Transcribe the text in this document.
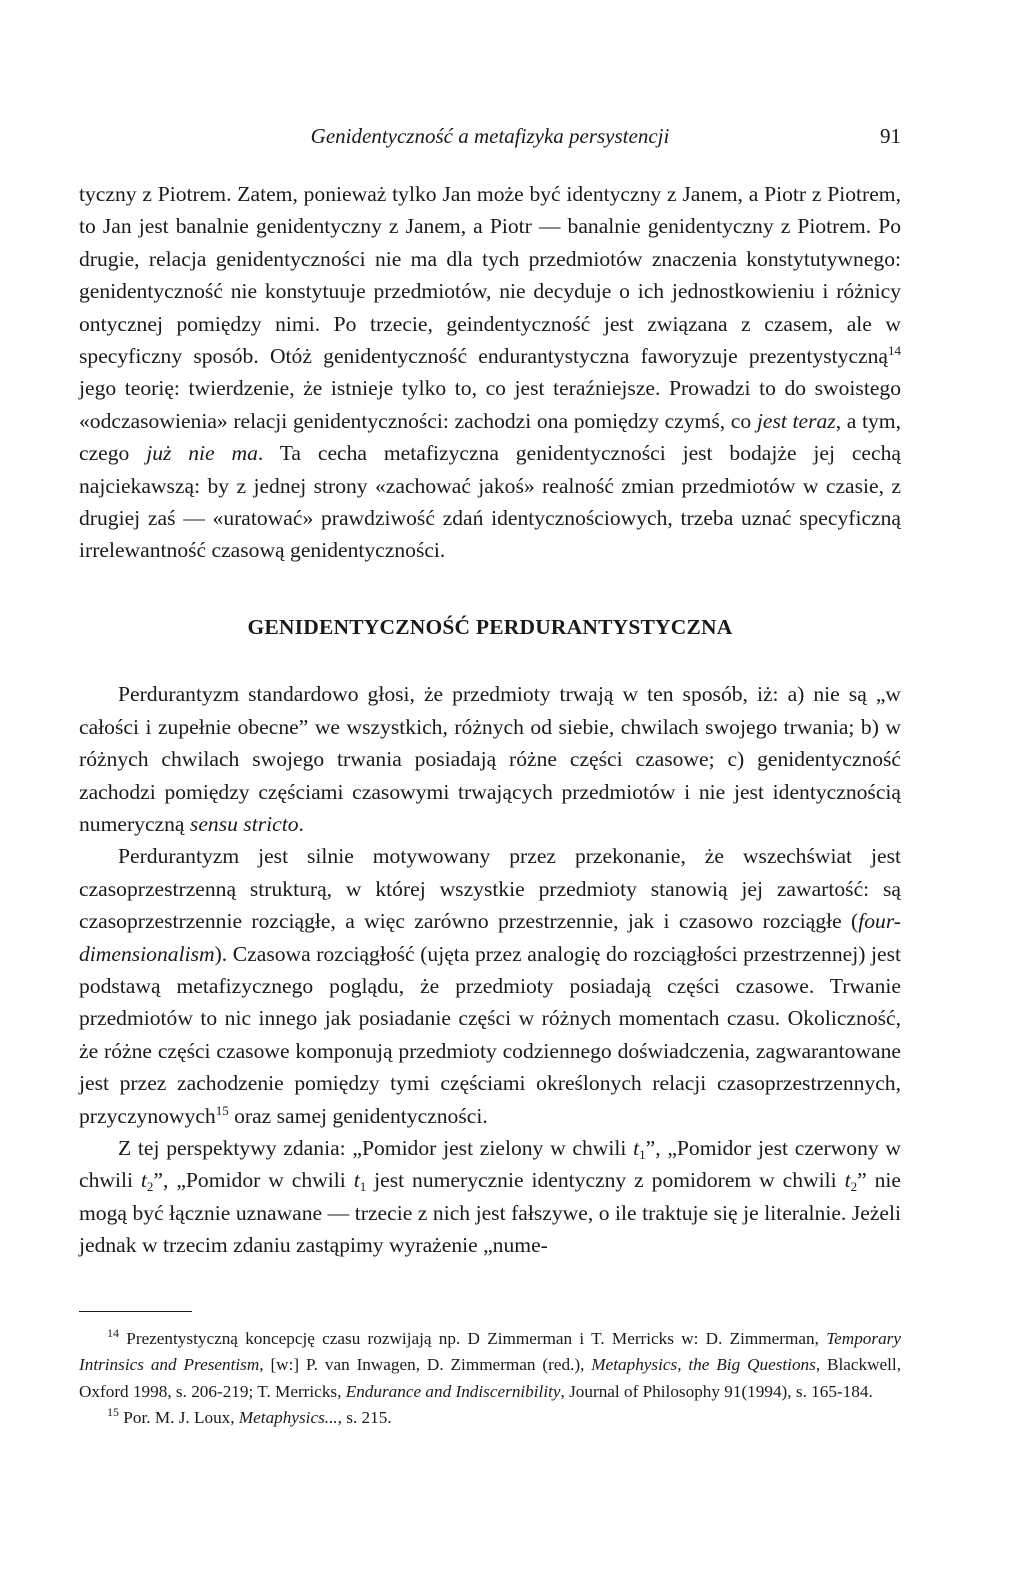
Genidentyczność a metafizyka persystencji	91

tyczny z Piotrem. Zatem, ponieważ tylko Jan może być identyczny z Janem, a Piotr z Piotrem, to Jan jest banalnie genidentyczny z Janem, a Piotr — banalnie genidentyczny z Piotrem. Po drugie, relacja genidentyczności nie ma dla tych przedmiotów znaczenia konstytutywnego: genidentyczność nie konstytuuje przedmiotów, nie decyduje o ich jednostkowieniu i różnicy ontycznej pomiędzy nimi. Po trzecie, geindentyczność jest związana z czasem, ale w specyficzny sposób. Otóż genidentyczność endurantystyczna faworyzuje prezentystyczną$^{14}$ jego teorię: twierdzenie, że istnieje tylko to, co jest teraźniejsze. Prowadzi to do swoistego «odczasowienia» relacji genidentyczności: zachodzi ona pomiędzy czymś, co jest teraz, a tym, czego już nie ma. Ta cecha metafizyczna genidentyczności jest bodajże jej cechą najciekawszą: by z jednej strony «zachować jakoś» realność zmian przedmiotów w czasie, z drugiej zaś — «uratować» prawdziwość zdań identycznościowych, trzeba uznać specyficzną irrelewantność czasową genidentyczności.

GENIDENTYCZNOŚĆ PERDURANTYSTYCZNA

Perdurantyzm standardowo głosi, że przedmioty trwają w ten sposób, iż: a) nie są „w całości i zupełnie obecne” we wszystkich, różnych od siebie, chwilach swojego trwania; b) w różnych chwilach swojego trwania posiadają różne części czasowe; c) genidentyczność zachodzi pomiędzy częściami czasowymi trwających przedmiotów i nie jest identycznością numeryczną sensu stricto.

Perdurantyzm jest silnie motywowany przez przekonanie, że wszechświat jest czasoprzestrzenną strukturą, w której wszystkie przedmioty stanowią jej zawartość: są czasoprzestrzennie rozciągłe, a więc zarówno przestrzennie, jak i czasowo rozciągłe (four-dimensionalism). Czasowa rozciągłość (ujęta przez analogię do rozciągłości przestrzennej) jest podstawą metafizycznego poglądu, że przedmioty posiadają części czasowe. Trwanie przedmiotów to nic innego jak posiadanie części w różnych momentach czasu. Okoliczność, że różne części czasowe komponują przedmioty codziennego doświadczenia, zagwarantowane jest przez zachodzenie pomiędzy tymi częściami określonych relacji czasoprzestrzennych, przyczynowych$^{15}$ oraz samej genidentyczności.

Z tej perspektywy zdania: „Pomidor jest zielony w chwili $t_1$”, „Pomidor jest czerwony w chwili $t_2$”, „Pomidor w chwili $t_1$ jest numerycznie identyczny z pomidorem w chwili $t_2$” nie mogą być łącznie uznawane — trzecie z nich jest fałszywe, o ile traktuje się je literalnie. Jeżeli jednak w trzecim zdaniu zastąpimy wyrażenie „nume-

$^{14}$ Prezentystyczną koncepcję czasu rozwijają np. D Zimmerman i T. Merricks w: D. Zimmerman, Temporary Intrinsics and Presentism, [w:] P. van Inwagen, D. Zimmerman (red.), Metaphysics, the Big Questions, Blackwell, Oxford 1998, s. 206-219; T. Merricks, Endurance and Indiscernibility, Journal of Philosophy 91(1994), s. 165-184.

$^{15}$ Por. M. J. Loux, Metaphysics..., s. 215.
